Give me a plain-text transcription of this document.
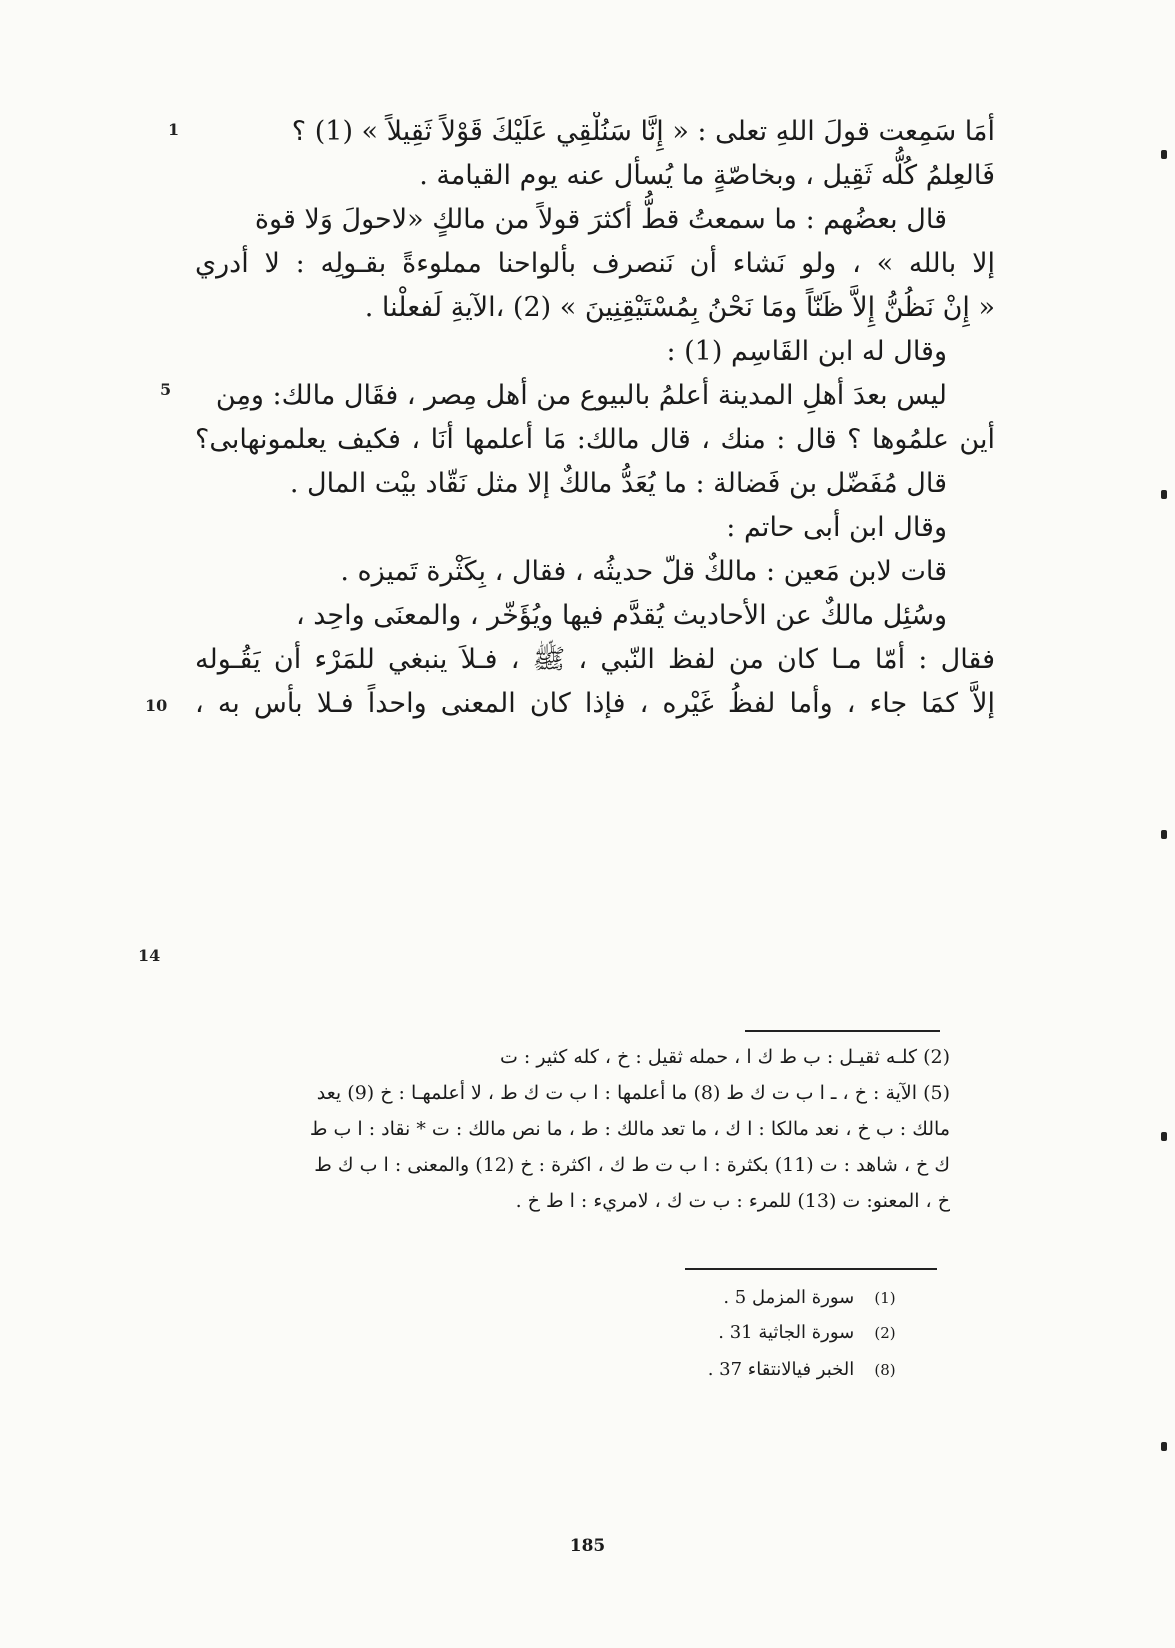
أمَا سَمِعت قولَ اللهِ تعلى : « إِنَّا سَنُلْقِي عَلَيْكَ قَوْلاً ثَقِيلاً » (1) ؟
فَالعِلمُ كُلُّه ثَقِيل ، وبخاصّةٍ ما يُسأل عنه يوم القيامة .
قال بعضُهم : ما سمعتُ قطُّ أكثرَ قولاً من مالكٍ «لاحولَ وَلا قوة
إلا بالله » ، ولو نَشاء أن نَنصرف بألواحنا مملوءةً بقـولِه : لا أدري
« إِنْ نَظُنُّ إِلاَّ ظَنّاً ومَا نَحْنُ بِمُسْتَيْقِنِينَ » (2) ،الآيةِ لَفعلْنا .
وقال له ابن القَاسِم (1) :
ليس بعدَ أهلِ المدينة أعلمُ بالبيوع من أهل مِصر ، فقَال مالك: ومِن
أين علمُوها ؟ قال : منك ، قال مالك: مَا أعلمها أنَا ، فكيف يعلمونهابى؟
قال مُفَضّل بن فَضالة : ما يُعَدُّ مالكٌ إلا مثل نَقّاد بيْت المال .
وقال ابن أبى حاتم :
قات لابن مَعين : مالكٌ قلّ حديثُه ، فقال ، بِكَثْرة تَميزه .
وسُئِل مالكٌ عن الأحاديث يُقدَّم فيها ويُؤَخّر ، والمعنَى واحِد ،
فقال : أمّا مـا كان من لفظ النّبي ، ﷺ ، فـلاَ ينبغي للمَرْء أن يَقُـوله
إلاَّ كمَا جاء ، وأما لفظُ غَيْره ، فإذا كان المعنى واحداً فـلا بأس به ،
1
5
10
14
(2) كلـه ثقيـل : ب ط ك ا ، حمله ثقيل : خ ، كله كثير : ت
(5) الآية : خ ، ـ ا ب ت ك ط (8) ما أعلمها : ا ب ت ك ط ، لا أعلمهـا : خ (9) يعد
مالك : ب خ ، نعد مالكا : ا ك ، ما تعد مالك : ط ، ما نص مالك : ت * نقاد : ا ب ط
ك خ ، شاهد : ت (11) بكثرة : ا ب ت ط ك ، اكثرة : خ (12) والمعنى : ا ب ك ط
خ ، المعنو: ت (13) للمرء : ب ت ك ، لامريء : ا ط خ .
(1) سورة المزمل 5 .
(2) سورة الجاثية 31 .
(8) الخبر فيالانتقاء 37 .
185
